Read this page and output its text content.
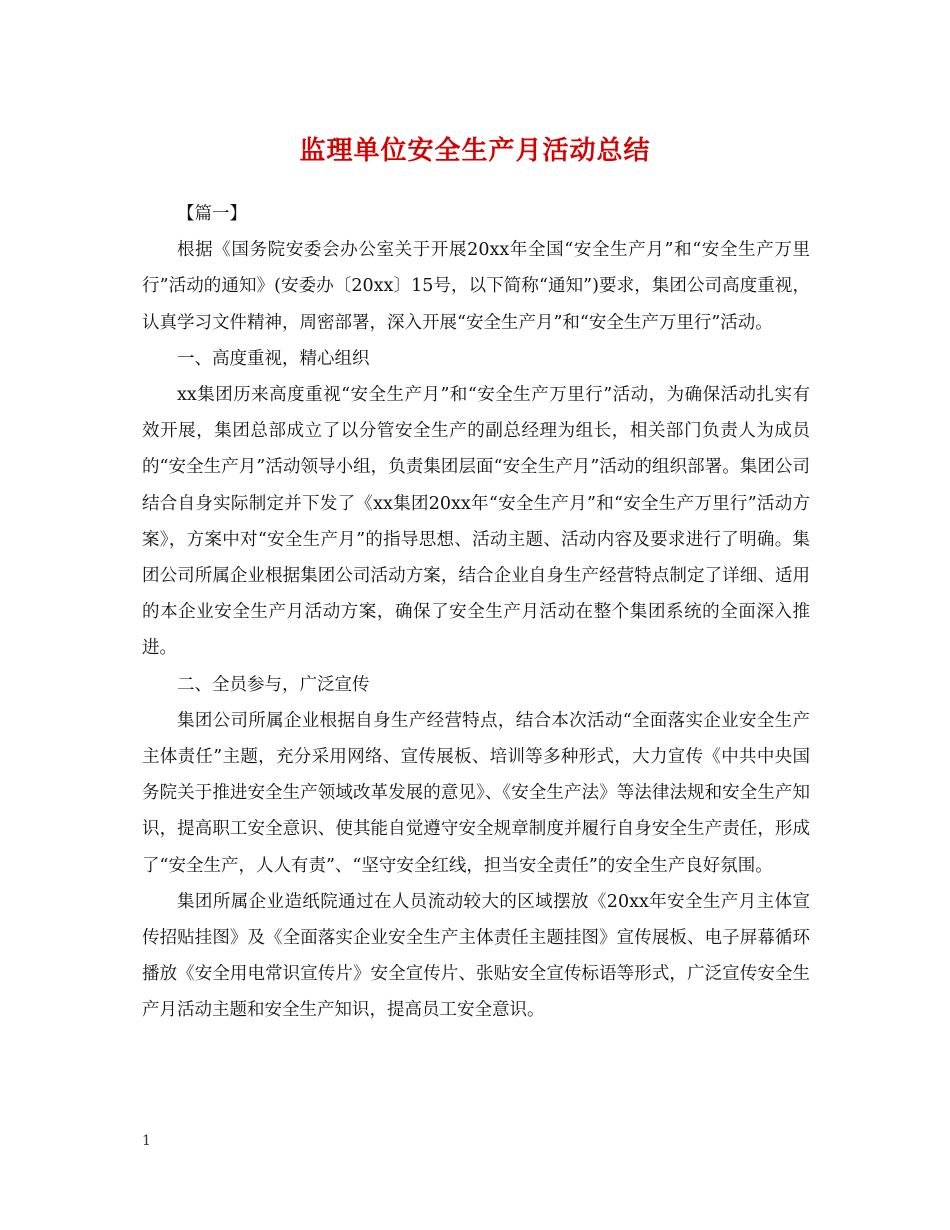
监理单位安全生产月活动总结

【篇一】

根据《国务院安委会办公室关于开展20xx年全国“安全生产月”和“安全生产万里行”活动的通知》(安委办〔20xx〕15号，以下简称“通知”)要求，集团公司高度重视，认真学习文件精神，周密部署，深入开展“安全生产月”和“安全生产万里行”活动。

一、高度重视，精心组织

xx集团历来高度重视“安全生产月”和“安全生产万里行”活动，为确保活动扎实有效开展，集团总部成立了以分管安全生产的副总经理为组长，相关部门负责人为成员的“安全生产月”活动领导小组，负责集团层面“安全生产月”活动的组织部署。集团公司结合自身实际制定并下发了《xx集团20xx年“安全生产月”和“安全生产万里行”活动方案》，方案中对“安全生产月”的指导思想、活动主题、活动内容及要求进行了明确。集团公司所属企业根据集团公司活动方案，结合企业自身生产经营特点制定了详细、适用的本企业安全生产月活动方案，确保了安全生产月活动在整个集团系统的全面深入推进。

二、全员参与，广泛宣传

集团公司所属企业根据自身生产经营特点，结合本次活动“全面落实企业安全生产主体责任”主题，充分采用网络、宣传展板、培训等多种形式，大力宣传《中共中央国务院关于推进安全生产领域改革发展的意见》、《安全生产法》等法律法规和安全生产知识，提高职工安全意识、使其能自觉遵守安全规章制度并履行自身安全生产责任，形成了“安全生产，人人有责”、“坚守安全红线，担当安全责任”的安全生产良好氛围。

集团所属企业造纸院通过在人员流动较大的区域摆放《20xx年安全生产月主体宣传招贴挂图》及《全面落实企业安全生产主体责任主题挂图》宣传展板、电子屏幕循环播放《安全用电常识宣传片》安全宣传片、张贴安全宣传标语等形式，广泛宣传安全生产月活动主题和安全生产知识，提高员工安全意识。

1
